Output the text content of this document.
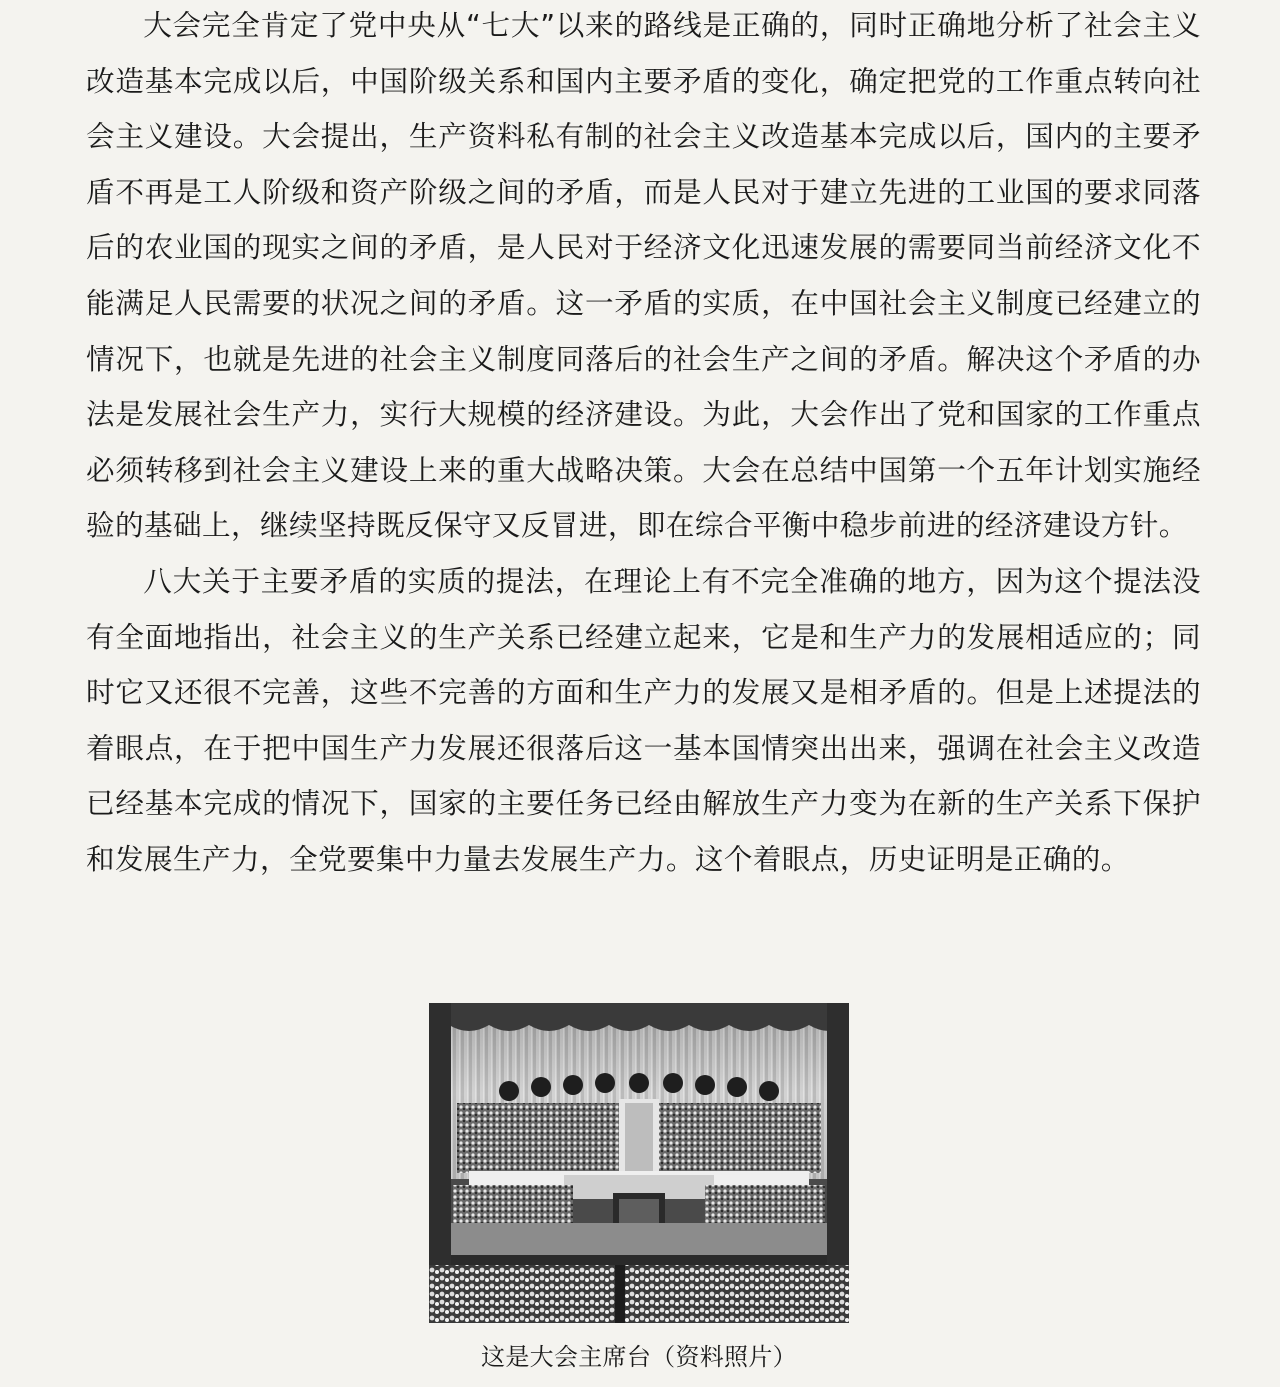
大会完全肯定了党中央从“七大”以来的路线是正确的，同时正确地分析了社会主义改造基本完成以后，中国阶级关系和国内主要矛盾的变化，确定把党的工作重点转向社会主义建设。大会提出，生产资料私有制的社会主义改造基本完成以后，国内的主要矛盾不再是工人阶级和资产阶级之间的矛盾，而是人民对于建立先进的工业国的要求同落后的农业国的现实之间的矛盾，是人民对于经济文化迅速发展的需要同当前经济文化不能满足人民需要的状况之间的矛盾。这一矛盾的实质，在中国社会主义制度已经建立的情况下，也就是先进的社会主义制度同落后的社会生产之间的矛盾。解决这个矛盾的办法是发展社会生产力，实行大规模的经济建设。为此，大会作出了党和国家的工作重点必须转移到社会主义建设上来的重大战略决策。大会在总结中国第一个五年计划实施经验的基础上，继续坚持既反保守又反冒进，即在综合平衡中稳步前进的经济建设方针。

八大关于主要矛盾的实质的提法，在理论上有不完全准确的地方，因为这个提法没有全面地指出，社会主义的生产关系已经建立起来，它是和生产力的发展相适应的；同时它又还很不完善，这些不完善的方面和生产力的发展又是相矛盾的。但是上述提法的着眼点，在于把中国生产力发展还很落后这一基本国情突出出来，强调在社会主义改造已经基本完成的情况下，国家的主要任务已经由解放生产力变为在新的生产关系下保护和发展生产力，全党要集中力量去发展生产力。这个着眼点，历史证明是正确的。

这是大会主席台（资料照片）
